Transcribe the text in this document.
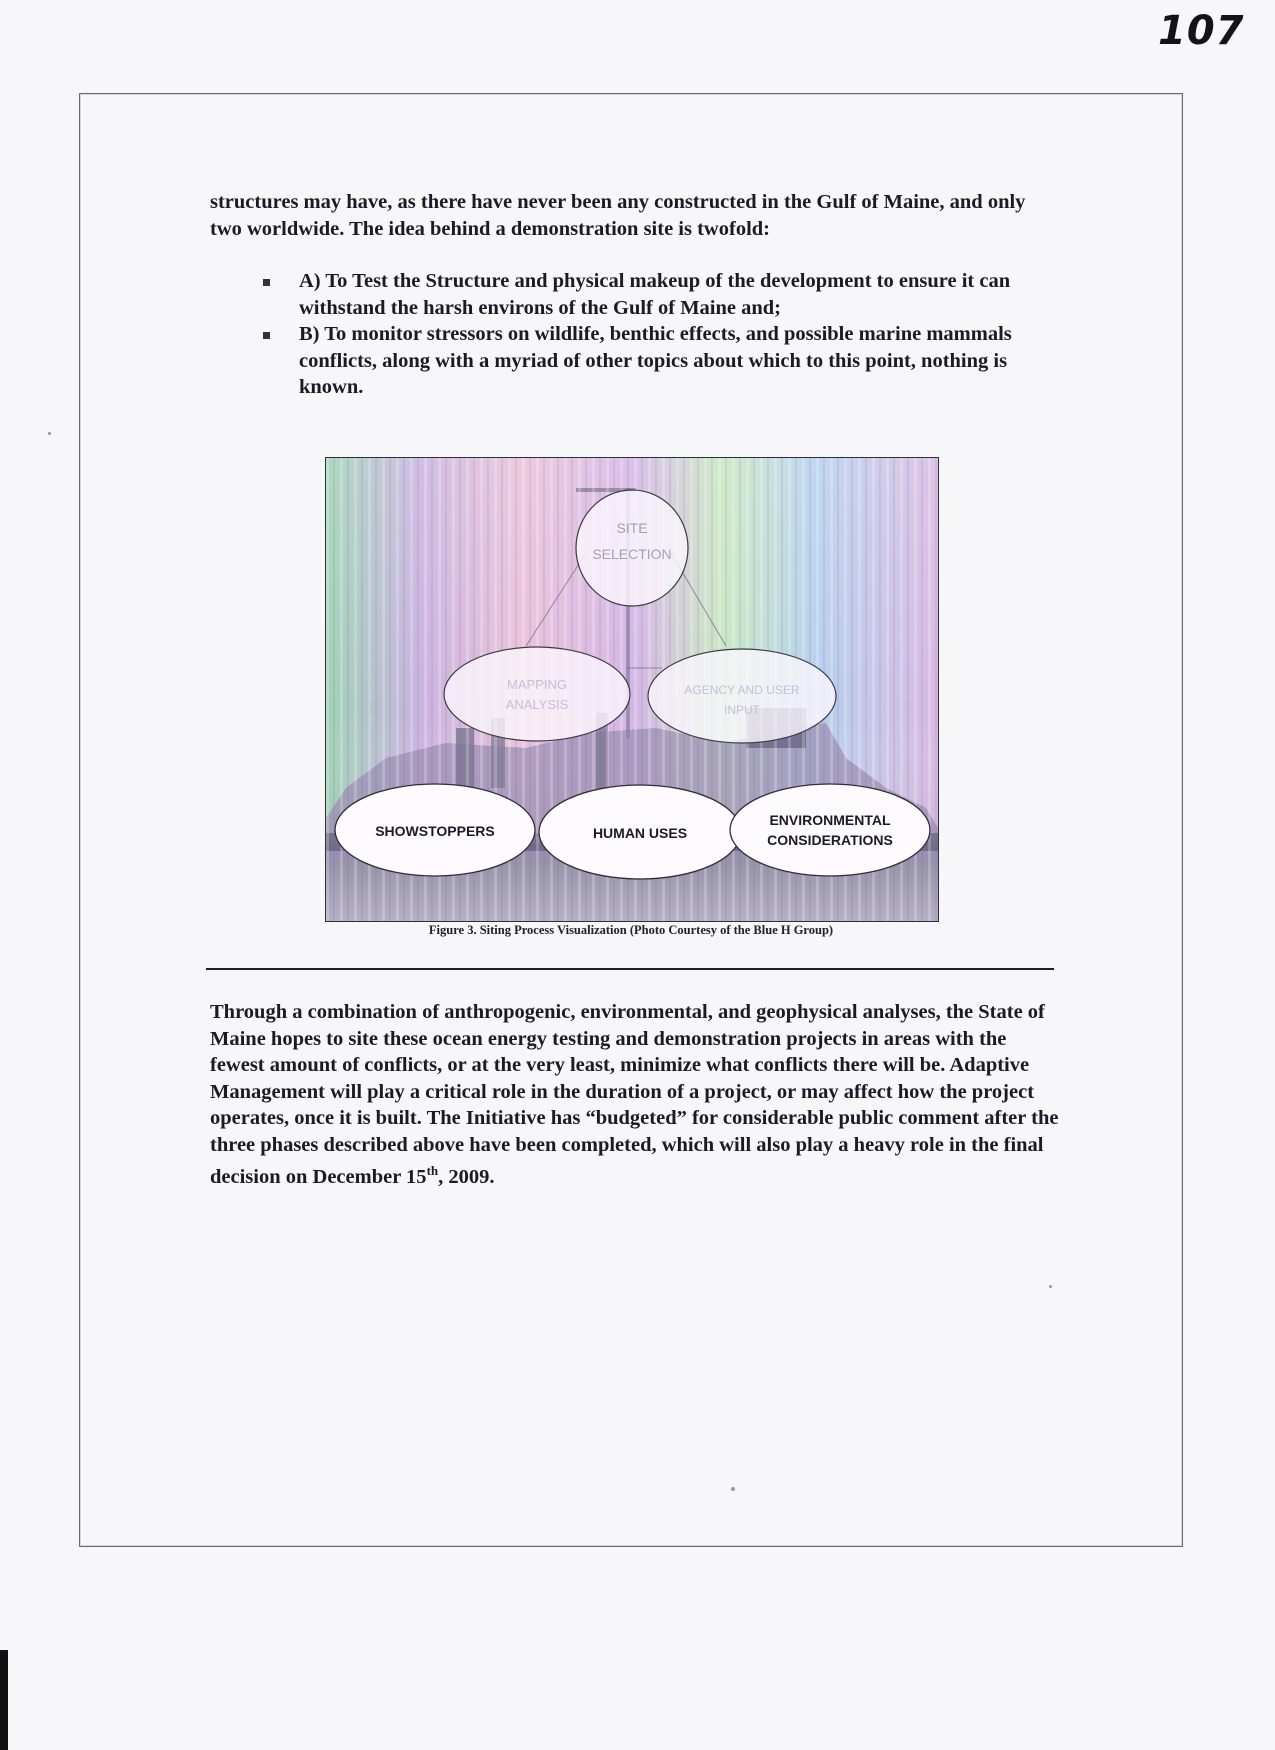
107

structures may have, as there have never been any constructed in the Gulf of Maine, and only two worldwide. The idea behind a demonstration site is twofold:

A) To Test the Structure and physical makeup of the development to ensure it can withstand the harsh environs of the Gulf of Maine and;
B) To monitor stressors on wildlife, benthic effects, and possible marine mammals conflicts, along with a myriad of other topics about which to this point, nothing is known.
SITE
SELECTION
MAPPING
ANALYSIS
AGENCY AND USER
INPUT
SHOWSTOPPERS	HUMAN USES
ENVIRONMENTAL
CONSIDERATIONS
Figure 3. Siting Process Visualization (Photo Courtesy of the Blue H Group)

Through a combination of anthropogenic, environmental, and geophysical analyses, the State of Maine hopes to site these ocean energy testing and demonstration projects in areas with the fewest amount of conflicts, or at the very least, minimize what conflicts there will be. Adaptive Management will play a critical role in the duration of a project, or may affect how the project operates, once it is built. The Initiative has “budgeted” for considerable public comment after the three phases described above have been completed, which will also play a heavy role in the final decision on December 15th, 2009.
